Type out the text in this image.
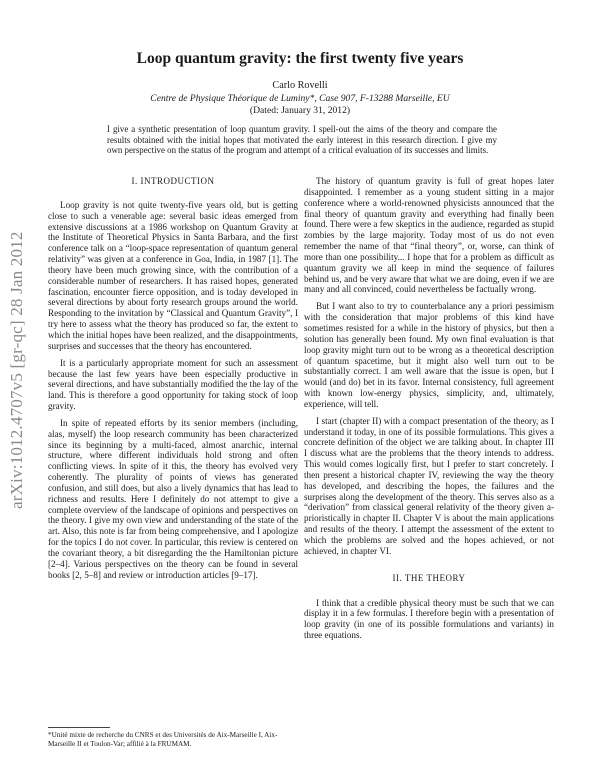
arXiv:1012.4707v5 [gr-qc] 28 Jan 2012
Loop quantum gravity: the first twenty five years
Carlo Rovelli
Centre de Physique Théorique de Luminy*, Case 907, F-13288 Marseille, EU
(Dated: January 31, 2012)
I give a synthetic presentation of loop quantum gravity. I spell-out the aims of the theory and compare the results obtained with the initial hopes that motivated the early interest in this research direction. I give my own perspective on the status of the program and attempt of a critical evaluation of its successes and limits.
I. INTRODUCTION

Loop gravity is not quite twenty-five years old, but is getting close to such a venerable age: several basic ideas emerged from extensive discussions at a 1986 workshop on Quantum Gravity at the Institute of Theoretical Physics in Santa Barbara, and the first conference talk on a “loop-space representation of quantum general relativity” was given at a conference in Goa, India, in 1987 [1]. The theory have been much growing since, with the contribution of a considerable number of researchers. It has raised hopes, generated fascination, encounter fierce opposition, and is today developed in several directions by about forty research groups around the world. Responding to the invitation by “Classical and Quantum Gravity”, I try here to assess what the theory has produced so far, the extent to which the initial hopes have been realized, and the disappointments, surprises and successes that the theory has encountered.

It is a particularly appropriate moment for such an assessment because the last few years have been especially productive in several directions, and have substantially modified the the lay of the land. This is therefore a good opportunity for taking stock of loop gravity.

In spite of repeated efforts by its senior members (including, alas, myself) the loop research community has been characterized since its beginning by a multi-faced, almost anarchic, internal structure, where different individuals hold strong and often conflicting views. In spite of it this, the theory has evolved very coherently. The plurality of points of views has generated confusion, and still does, but also a lively dynamics that has lead to richness and results. Here I definitely do not attempt to give a complete overview of the landscape of opinions and perspectives on the theory. I give my own view and understanding of the state of the art. Also, this note is far from being comprehensive, and I apologize for the topics I do not cover. In particular, this review is centered on the covariant theory, a bit disregarding the the Hamiltonian picture [2–4]. Various perspectives on the theory can be found in several books [2, 5–8] and review or introduction articles [9–17].

The history of quantum gravity is full of great hopes later disappointed. I remember as a young student sitting in a major conference where a world-renowned physicists announced that the final theory of quantum gravity and everything had finally been found. There were a few skeptics in the audience, regarded as stupid zombies by the large majority. Today most of us do not even remember the name of that “final theory”, or, worse, can think of more than one possibility... I hope that for a problem as difficult as quantum gravity we all keep in mind the sequence of failures behind us, and be very aware that what we are doing, even if we are many and all convinced, could nevertheless be factually wrong.

But I want also to try to counterbalance any a priori pessimism with the consideration that major problems of this kind have sometimes resisted for a while in the history of physics, but then a solution has generally been found. My own final evaluation is that loop gravity might turn out to be wrong as a theoretical description of quantum spacetime, but it might also well turn out to be substantially correct. I am well aware that the issue is open, but I would (and do) bet in its favor. Internal consistency, full agreement with known low-energy physics, simplicity, and, ultimately, experience, will tell.

I start (chapter II) with a compact presentation of the theory, as I understand it today, in one of its possible formulations. This gives a concrete definition of the object we are talking about. In chapter III I discuss what are the problems that the theory intends to address. This would comes logically first, but I prefer to start concretely. I then present a historical chapter IV, reviewing the way the theory has developed, and describing the hopes, the failures and the surprises along the development of the theory. This serves also as a “derivation” from classical general relativity of the theory given a-prioristically in chapter II. Chapter V is about the main applications and results of the theory. I attempt the assessment of the extent to which the problems are solved and the hopes achieved, or not achieved, in chapter VI.

II. THE THEORY

I think that a credible physical theory must be such that we can display it in a few formulas. I therefore begin with a presentation of loop gravity (in one of its possible formulations and variants) in three equations.

*Unité mixte de recherche du CNRS et des Universités de Aix-Marseille I, Aix-Marseille II et Toulon-Var; affilié à la FRUMAM.
